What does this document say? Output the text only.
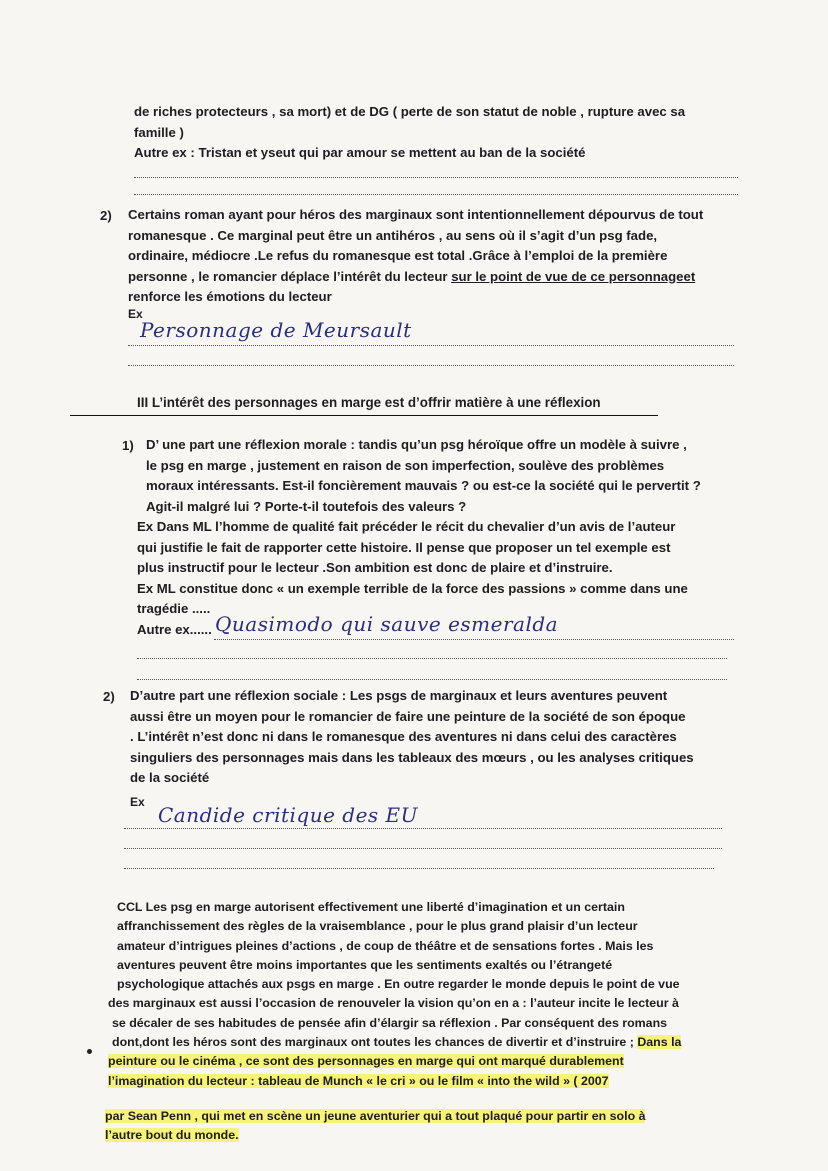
de riches protecteurs , sa mort) et de DG ( perte de son statut de noble , rupture avec sa
famille )
Autre ex : Tristan et yseut qui par amour se mettent au ban de la société
2) Certains roman ayant pour héros des marginaux sont intentionnellement dépourvus de tout
romanesque . Ce marginal peut être un antihéros , au sens où il s’agit d’un psg fade,
ordinaire, médiocre .Le refus du romanesque est total .Grâce à l’emploi de la première
personne , le romancier déplace l’intérêt du lecteur sur le point de vue de ce personnageet
renforce les émotions du lecteur
Ex
Personnage de Meursault
III L’intérêt des personnages en marge est d’offrir matière à une réflexion
1) D’ une part une réflexion morale : tandis qu’un psg héroïque offre un modèle à suivre ,
le psg en marge , justement en raison de son imperfection, soulève des problèmes
moraux intéressants. Est-il foncièrement mauvais ? ou est-ce la société qui le pervertit ?
Agit-il malgré lui ? Porte-t-il toutefois des valeurs ?
Ex Dans ML l’homme de qualité fait précéder le récit du chevalier d’un avis de l’auteur
qui justifie le fait de rapporter cette histoire. Il pense que proposer un tel exemple est
plus instructif pour le lecteur .Son ambition est donc de plaire et d’instruire.
Ex ML constitue donc « un exemple terrible de la force des passions » comme dans une
tragédie .....
Autre ex...... Quasimodo qui sauve esmeralda
2) D’autre part une réflexion sociale : Les psgs de marginaux et leurs aventures peuvent
aussi être un moyen pour le romancier de faire une peinture de la société de son époque
. L’intérêt n’est donc ni dans le romanesque des aventures ni dans celui des caractères
singuliers des personnages mais dans les tableaux des mœurs , ou les analyses critiques
de la société
Ex
Candide critique des EU
CCL Les psg en marge autorisent effectivement une liberté d’imagination et un certain
affranchissement des règles de la vraisemblance , pour le plus grand plaisir d’un lecteur
amateur d’intrigues pleines d’actions , de coup de théâtre et de sensations fortes . Mais les
aventures peuvent être moins importantes que les sentiments exaltés ou l’étrangeté
psychologique attachés aux psgs en marge . En outre regarder le monde depuis le point de vue
des marginaux est aussi l’occasion de renouveler la vision qu’on en a : l’auteur incite le lecteur à
se décaler de ses habitudes de pensée afin d’élargir sa réflexion . Par conséquent des romans
dont,dont les héros sont des marginaux ont toutes les chances de divertir et d’instruire ; Dans la
peinture ou le cinéma , ce sont des personnages en marge qui ont marqué durablement
l’imagination du lecteur : tableau de Munch « le cri » ou le film « into the wild » ( 2007
par Sean Penn , qui met en scène un jeune aventurier qui a tout plaqué pour partir en solo à
l’autre bout du monde.
